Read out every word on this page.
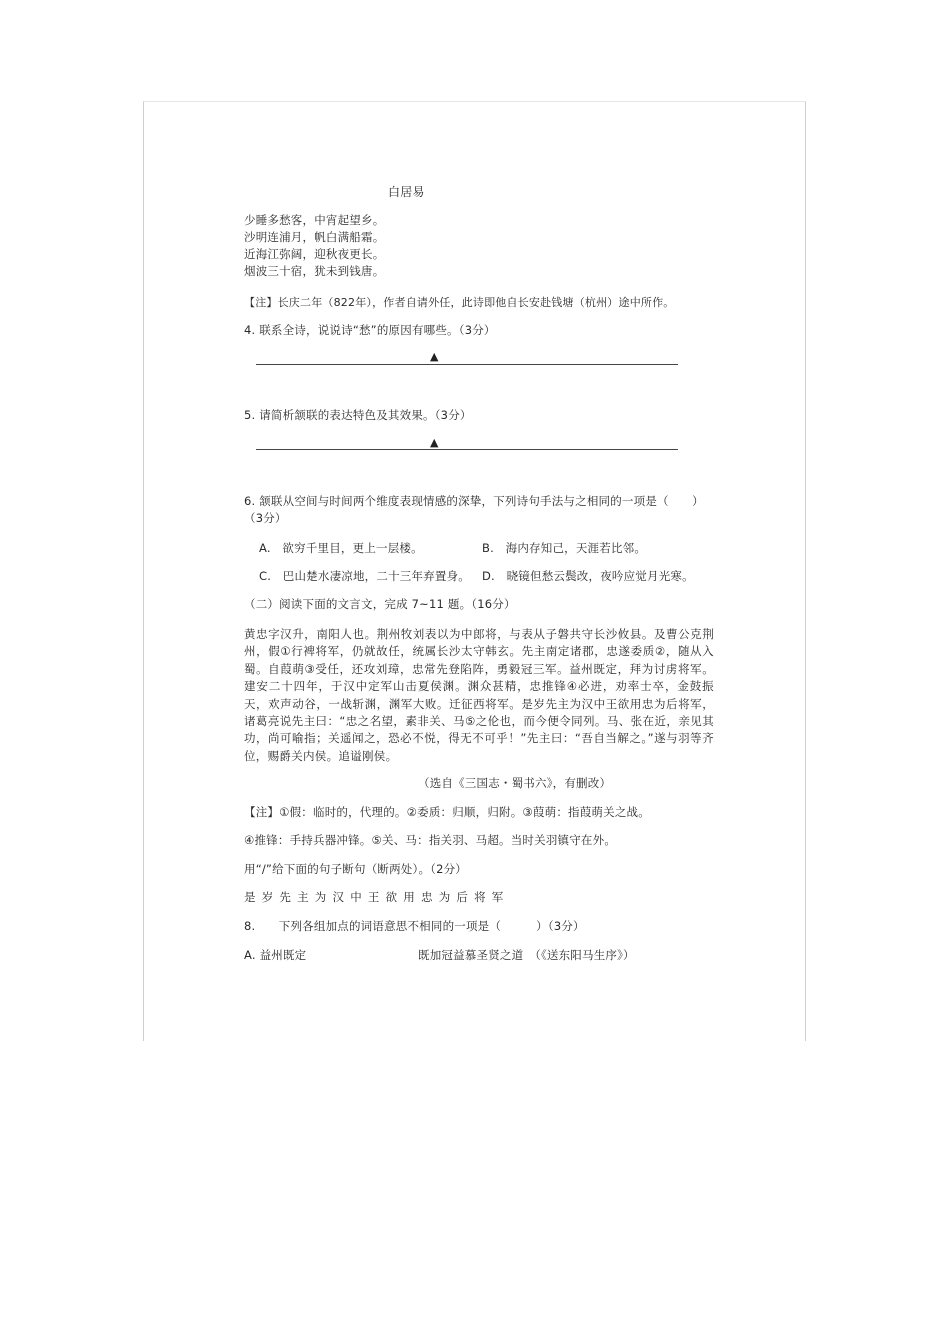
白居易
少睡多愁客，中宵起望乡。
沙明连浦月，帆白满船霜。
近海江弥阔，迎秋夜更长。
烟波三十宿，犹未到钱唐。
【注】长庆二年（822年），作者自请外任，此诗即他自长安赴钱塘（杭州）途中所作。
4. 联系全诗，说说诗“愁”的原因有哪些。（3分）
▲
5. 请简析颔联的表达特色及其效果。（3分）
▲
6. 颔联从空间与时间两个维度表现情感的深挚，下列诗句手法与之相同的一项是（　　）
（3分）
A.　欲穷千里目，更上一层楼。	B.　海内存知己，天涯若比邻。
C.　巴山楚水凄凉地，二十三年弃置身。 D.　晓镜但愁云鬓改，夜吟应觉月光寒。
（二）阅读下面的文言文，完成 7~11 题。（16分）
黄忠字汉升，南阳人也。荆州牧刘表以为中郎将，与表从子磐共守长沙攸县。及曹公克荆州，假①行裨将军，仍就故任，统属长沙太守韩玄。先主南定诸郡，忠遂委质②，随从入蜀。自葭萌③受任，还攻刘璋，忠常先登陷阵，勇毅冠三军。益州既定，拜为讨虏将军。建安二十四年，于汉中定军山击夏侯渊。渊众甚精，忠推锋④必进，劝率士卒，金鼓振天，欢声动谷，一战斩渊，渊军大败。迁征西将军。是岁先主为汉中王欲用忠为后将军，诸葛亮说先主曰：“忠之名望，素非关、马⑤之伦也，而今便令同列。马、张在近，亲见其功，尚可喻指；关遥闻之，恐必不悦，得无不可乎！”先主曰：“吾自当解之。”遂与羽等齐位，赐爵关内侯。追谥刚侯。
（选自《三国志・蜀书六》，有删改）
【注】①假：临时的，代理的。②委质：归顺，归附。③葭萌：指葭萌关之战。
④推锋：手持兵器冲锋。⑤关、马：指关羽、马超。当时关羽镇守在外。
用“/”给下面的句子断句（断两处）。（2分）
是岁先主为汉中王欲用忠为后将军
8.　　下列各组加点的词语意思不相同的一项是（　　　）（3分）
A. 益州既定	既加冠益慕圣贤之道　（《送东阳马生序》）
